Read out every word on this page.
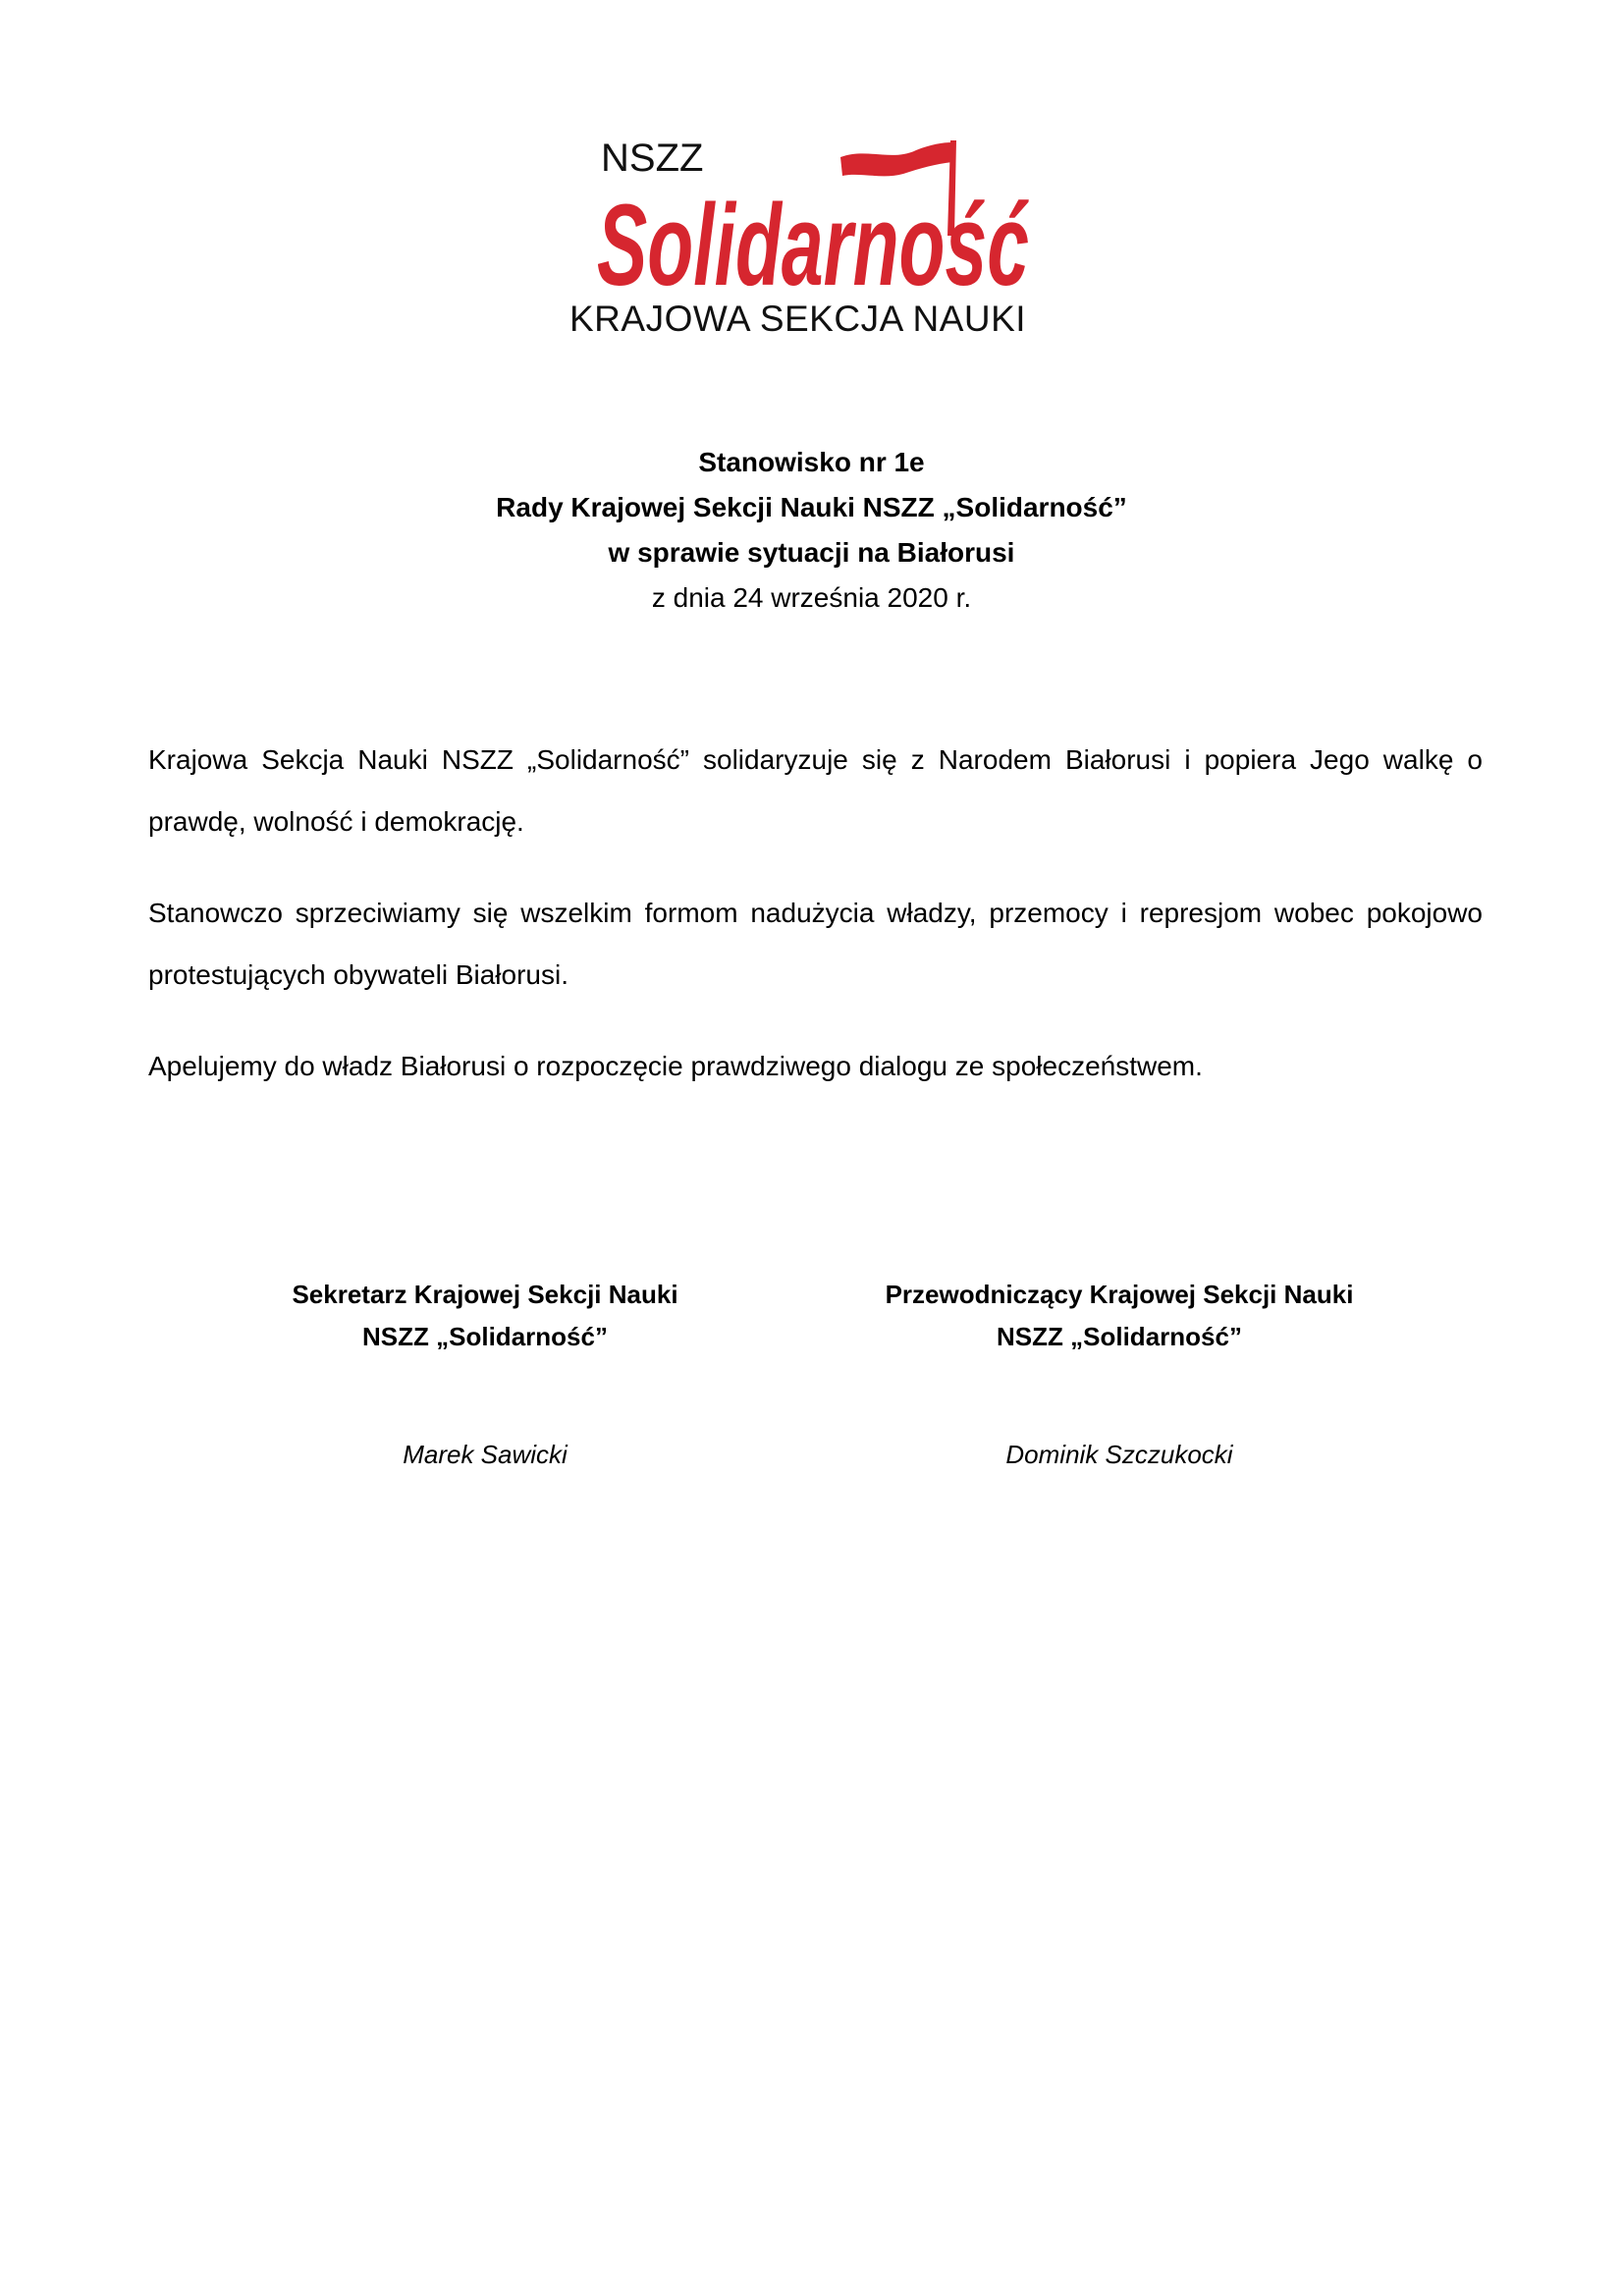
NSZZ
Solidarność
KRAJOWA SEKCJA NAUKI
Stanowisko nr 1e
Rady Krajowej Sekcji Nauki NSZZ „Solidarność”
w sprawie sytuacji na Białorusi
z dnia 24 września 2020 r.

Krajowa Sekcja Nauki NSZZ „Solidarność” solidaryzuje się z Narodem Białorusi i popiera Jego walkę o prawdę, wolność i demokrację.

Stanowczo sprzeciwiamy się wszelkim formom nadużycia władzy, przemocy i represjom wobec pokojowo protestujących obywateli Białorusi.

Apelujemy do władz Białorusi o rozpoczęcie prawdziwego dialogu ze społeczeństwem.

Sekretarz Krajowej Sekcji Nauki
NSZZ „Solidarność”
Marek Sawicki
Przewodniczący Krajowej Sekcji Nauki
NSZZ „Solidarność”
Dominik Szczukocki
